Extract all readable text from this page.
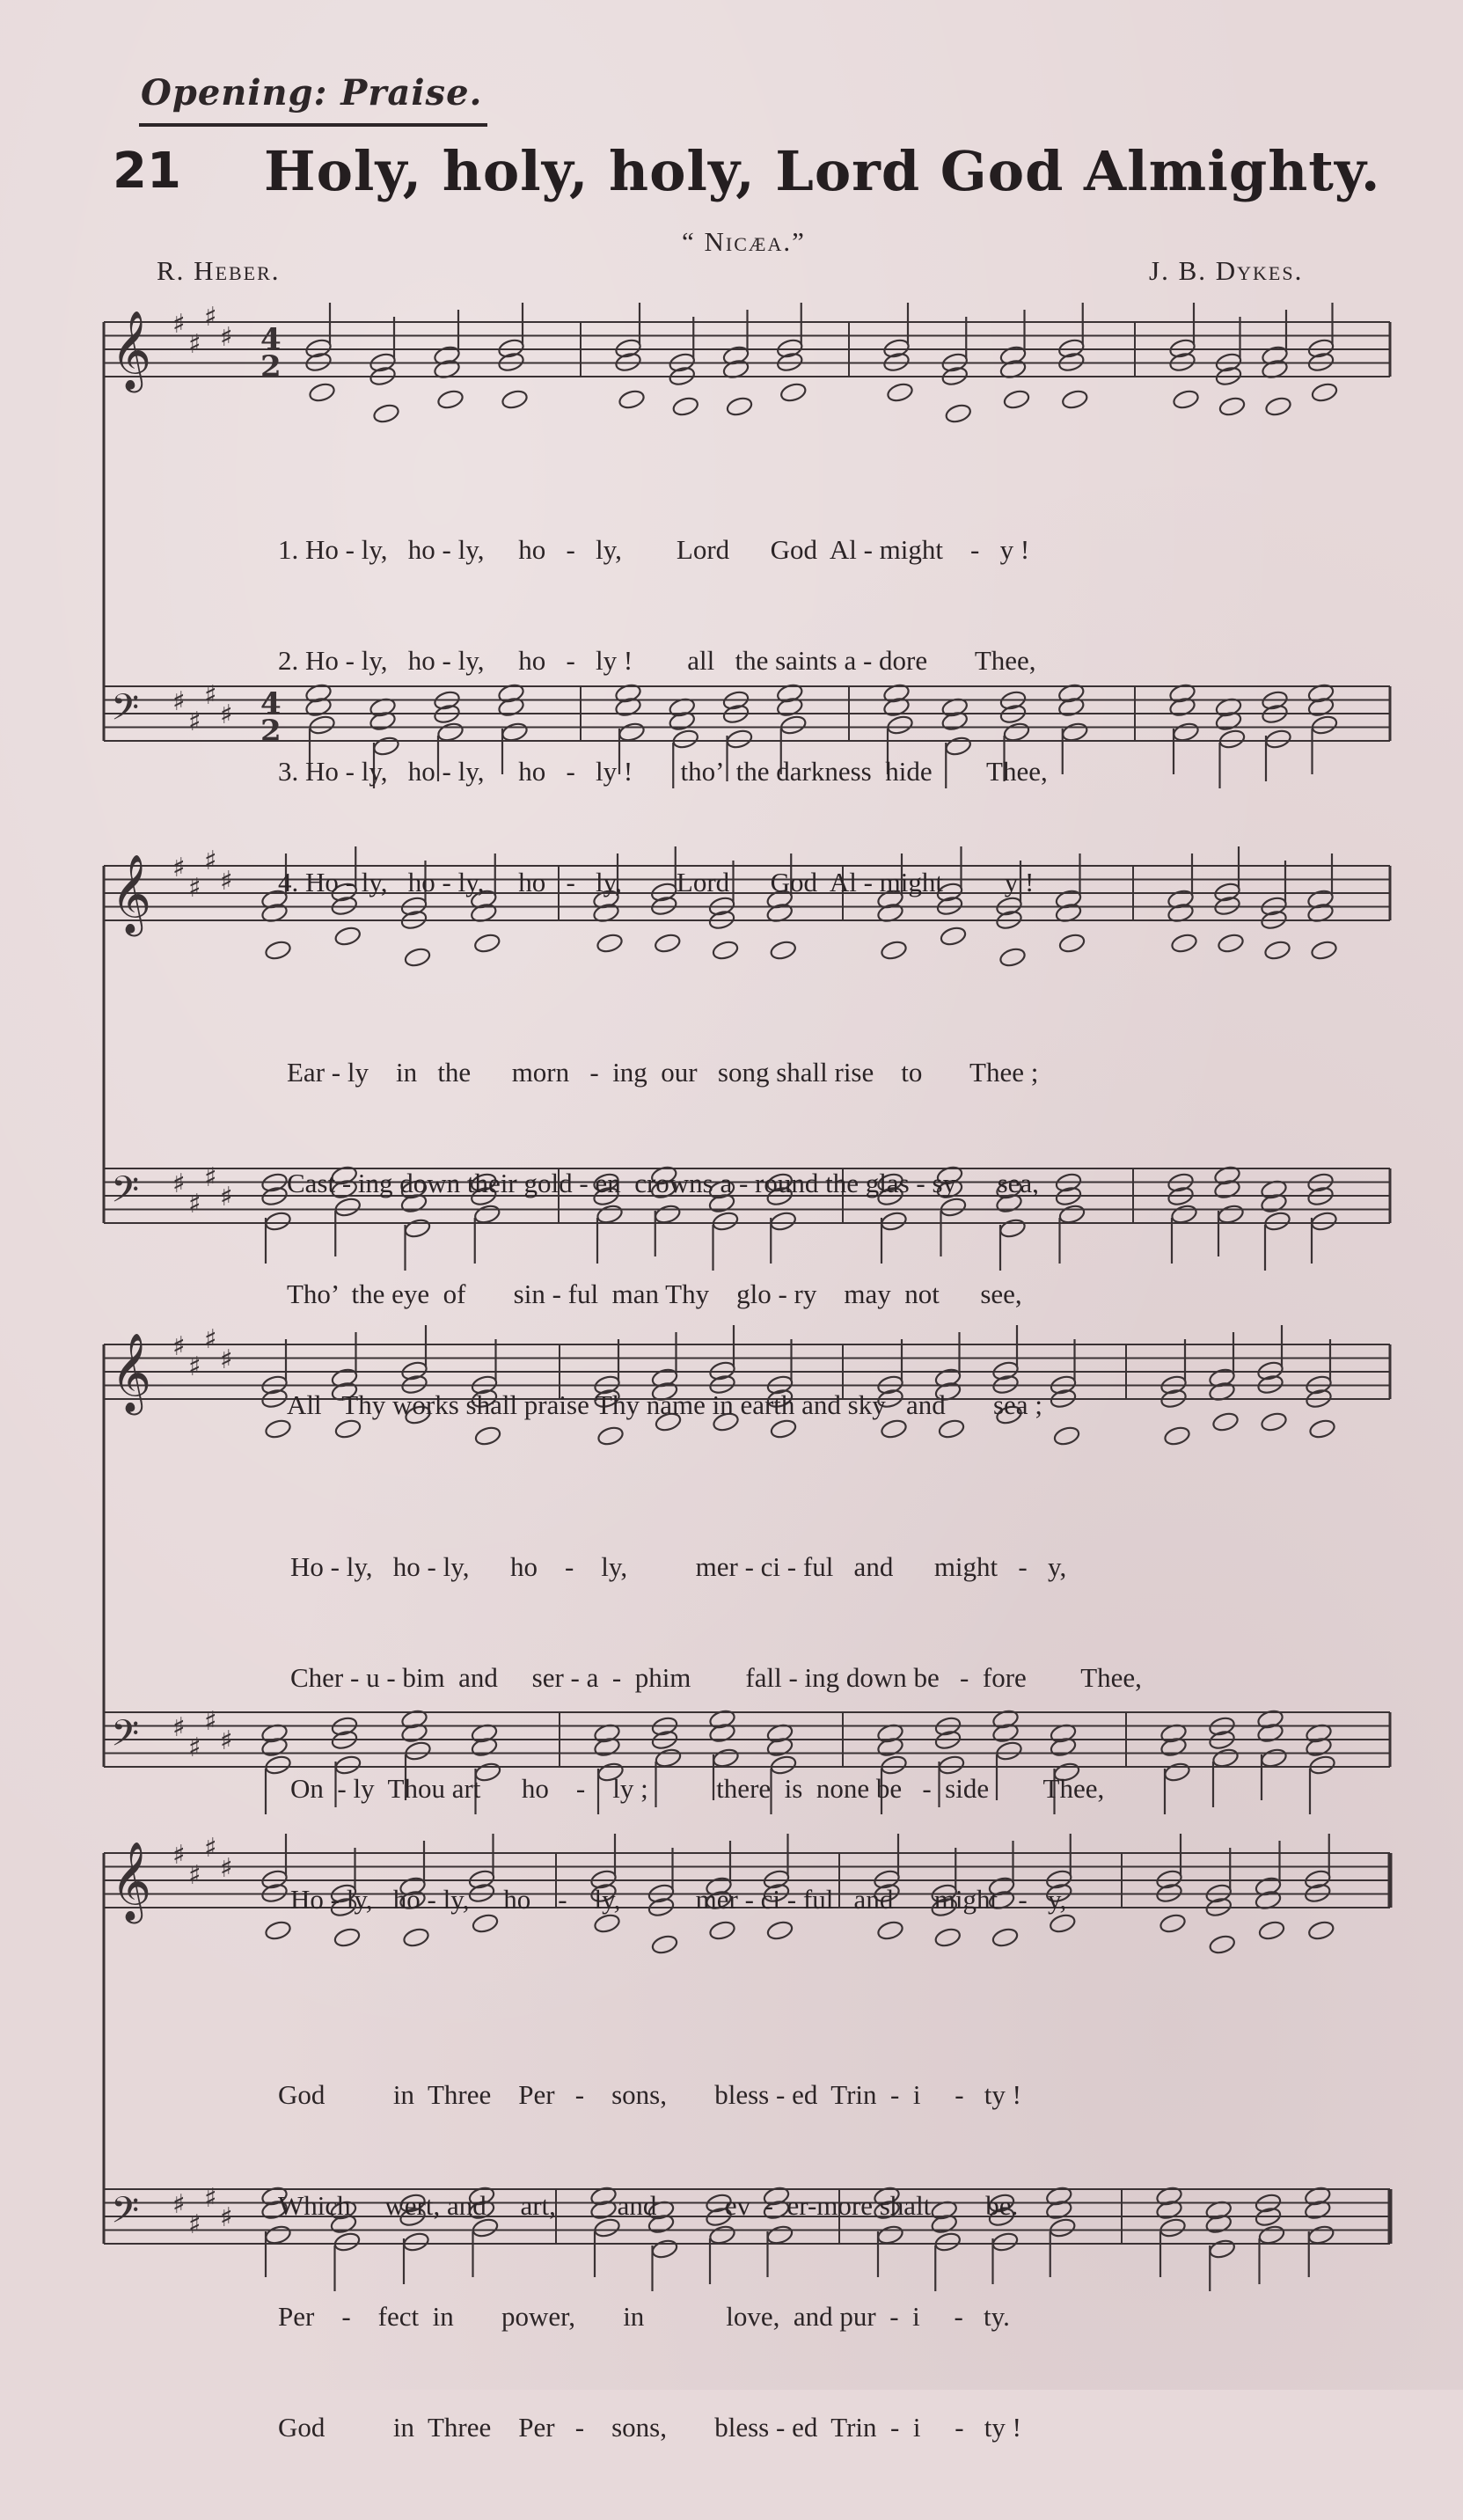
Opening: Praise.
21 Holy, holy, holy, Lord God Almighty.
“ Nicæa.”
R. Heber.	J. B. Dykes.
𝄞 ♯
♯
♯
♯ 4
2
𝄢 ♯
♯
♯
♯ 4
2
𝄞 ♯
♯
♯
♯
𝄢 ♯
♯
♯
♯
𝄞 ♯
♯
♯
♯
𝄢 ♯
♯
♯
♯
𝄞 ♯
♯
♯
♯
𝄢 ♯
♯
♯
♯

1. Ho - ly,   ho - ly,     ho   -   ly,        Lord      God  Al - might    -   y !

2. Ho - ly,   ho - ly,     ho   -   ly !        all   the saints a - dore       Thee,

3. Ho - ly,   ho - ly,     ho   -   ly !       tho’  the darkness  hide        Thee,

4. Ho - ly,   ho - ly,     ho   -   ly,        Lord      God  Al - might         y !

Ear - ly    in   the      morn   -  ing  our   song shall rise    to       Thee ;

Cast - ing down their gold - en  crowns a - round the glas - sy      sea,

Tho’  the eye  of       sin - ful  man Thy    glo - ry    may  not      see,

All   Thy works shall praise Thy name in earth and sky   and       sea ;

Ho - ly,   ho - ly,      ho    -    ly,          mer - ci - ful   and      might   -   y,

Cher - u - bim  and     ser - a  -  phim        fall - ing down be   -  fore        Thee,

On  - ly  Thou art      ho    -    ly ;          there  is  none be   -  side        Thee,

Ho - ly,   ho - ly,     ho    -    ly,           mer - ci - ful   and      might   -   y,

God          in  Three    Per   -    sons,       bless - ed  Trin  -  i     -   ty !

Which     wert, and     art,         and          ev  -  er-more shalt        be.

Per    -    fect  in       power,       in            love,  and pur  -  i     -   ty.

God          in  Three    Per   -    sons,       bless - ed  Trin  -  i     -   ty !
